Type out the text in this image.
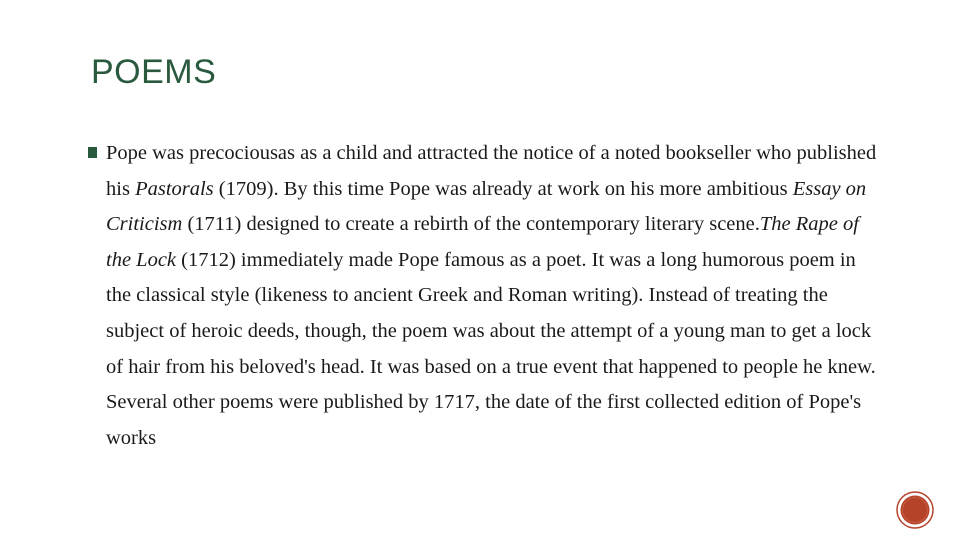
POEMS

Pope was precociousas as a child and attracted the notice of a noted bookseller who published his Pastorals (1709). By this time Pope was already at work on his more ambitious Essay on Criticism (1711) designed to create a rebirth of the contemporary literary scene.The Rape of the Lock (1712) immediately made Pope famous as a poet. It was a long humorous poem in the classical style (likeness to ancient Greek and Roman writing). Instead of treating the subject of heroic deeds, though, the poem was about the attempt of a young man to get a lock of hair from his beloved's head. It was based on a true event that happened to people he knew. Several other poems were published by 1717, the date of the first collected edition of Pope's works
